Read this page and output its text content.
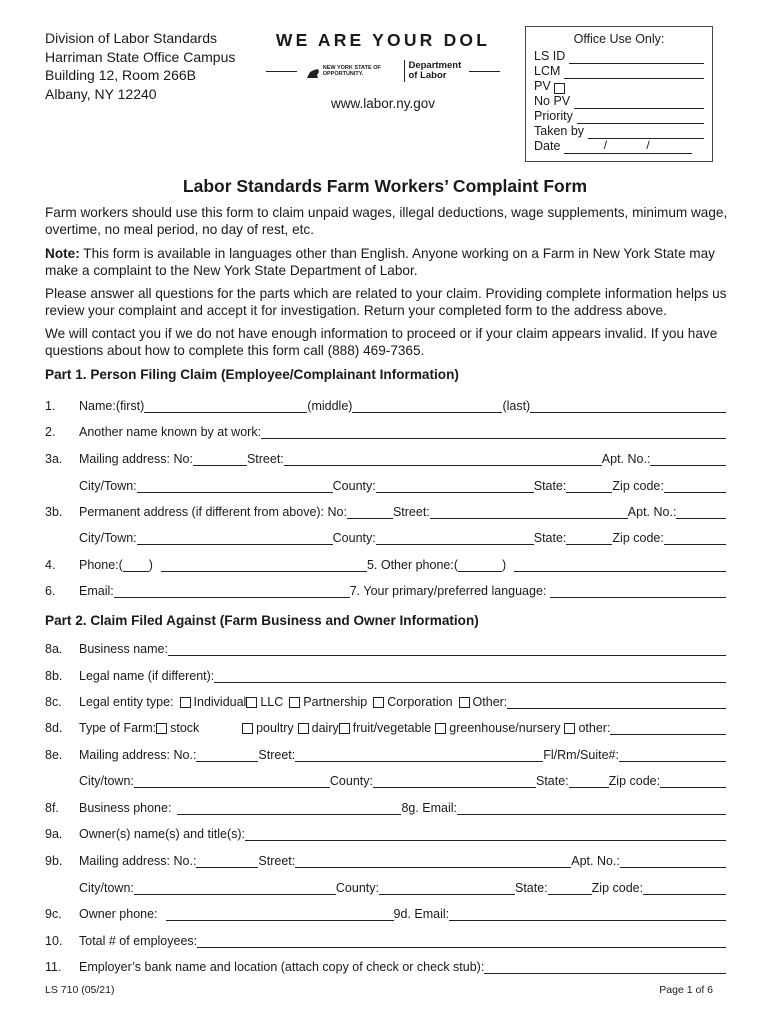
Division of Labor Standards
Harriman State Office Campus
Building 12, Room 266B
Albany, NY 12240
WE ARE YOUR DOL
NEW YORK STATE OF OPPORTUNITY.
Department
of Labor
www.labor.ny.gov
Office Use Only:
LS ID
LCM
PV
No PV
Priority
Taken by
Date	/	/
Labor Standards Farm Workers’ Complaint Form
Farm workers should use this form to claim unpaid wages, illegal deductions, wage supplements, minimum wage, overtime, no meal period, no day of rest, etc.
Note: This form is available in languages other than English. Anyone working on a Farm in New York State may make a complaint to the New York State Department of Labor.
Please answer all questions for the parts which are related to your claim. Providing complete information helps us review your complaint and accept it for investigation. Return your completed form to the address above.
We will contact you if we do not have enough information to proceed or if your claim appears invalid. If you have questions about how to complete this form call (888) 469-7365.
Part 1. Person Filing Claim (Employee/Complainant Information)
1.	Name:(first)	(middle)	(last)
2.	Another name known by at work:
3a.	Mailing address: No:	Street:	Apt. No.:
City/Town:	County:	State:	Zip code:
3b.	Permanent address (if different from above): No:	Street:	Apt. No.:
City/Town:	County:	State:	Zip code:
4.	Phone:( )	5. Other phone:(	)
6.	Email:	7. Your primary/preferred language:
Part 2. Claim Filed Against (Farm Business and Owner Information)
8a.	Business name:
8b.	Legal name (if different):
8c.	Legal entity type: Individual LLC Partnership Corporation Other:
8d.	Type of Farm: stock	poultry dairy fruit/vegetable greenhouse/nursery other:
8e.	Mailing address: No.:	Street:	Fl/Rm/Suite#:
City/town:	County:	State:	Zip code:
8f.	Business phone:	8g. Email:
9a.	Owner(s) name(s) and title(s):
9b.	Mailing address: No.:	Street:	Apt. No.:
City/town:	County:	State:	Zip code:
9c.	Owner phone:	9d. Email:
10.	Total # of employees:
11.	Employer’s bank name and location (attach copy of check or check stub):
LS 710 (05/21)	Page 1 of 6
